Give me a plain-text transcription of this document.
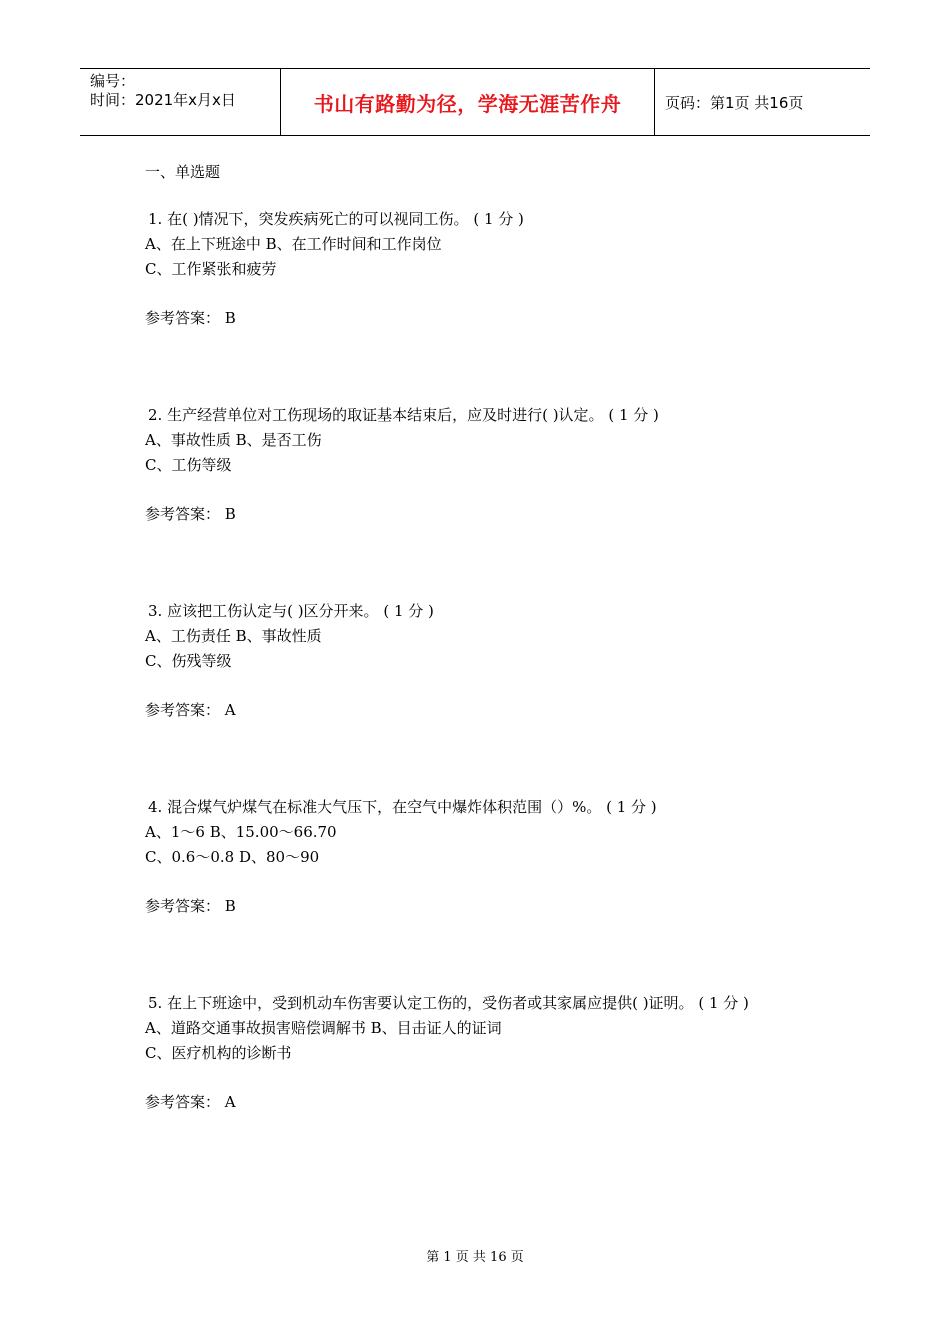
编号：
时间：2021年x月x日	书山有路勤为径，学海无涯苦作舟	页码：第1页 共16页
一、单选题
1. 在( )情况下，突发疾病死亡的可以视同工伤。 ( 1 分 )
A、在上下班途中 B、在工作时间和工作岗位
C、工作紧张和疲劳
参考答案： B
2. 生产经营单位对工伤现场的取证基本结束后，应及时进行( )认定。 ( 1 分 )
A、事故性质 B、是否工伤
C、工伤等级
参考答案： B
3. 应该把工伤认定与( )区分开来。 ( 1 分 )
A、工伤责任 B、事故性质
C、伤残等级
参考答案： A
4. 混合煤气炉煤气在标准大气压下，在空气中爆炸体积范围（）%。 ( 1 分 )
A、1～6 B、15.00～66.70
C、0.6～0.8 D、80～90
参考答案： B
5. 在上下班途中，受到机动车伤害要认定工伤的，受伤者或其家属应提供( )证明。 ( 1 分 )
A、道路交通事故损害赔偿调解书 B、目击证人的证词
C、医疗机构的诊断书
参考答案： A
第 1 页 共 16 页
